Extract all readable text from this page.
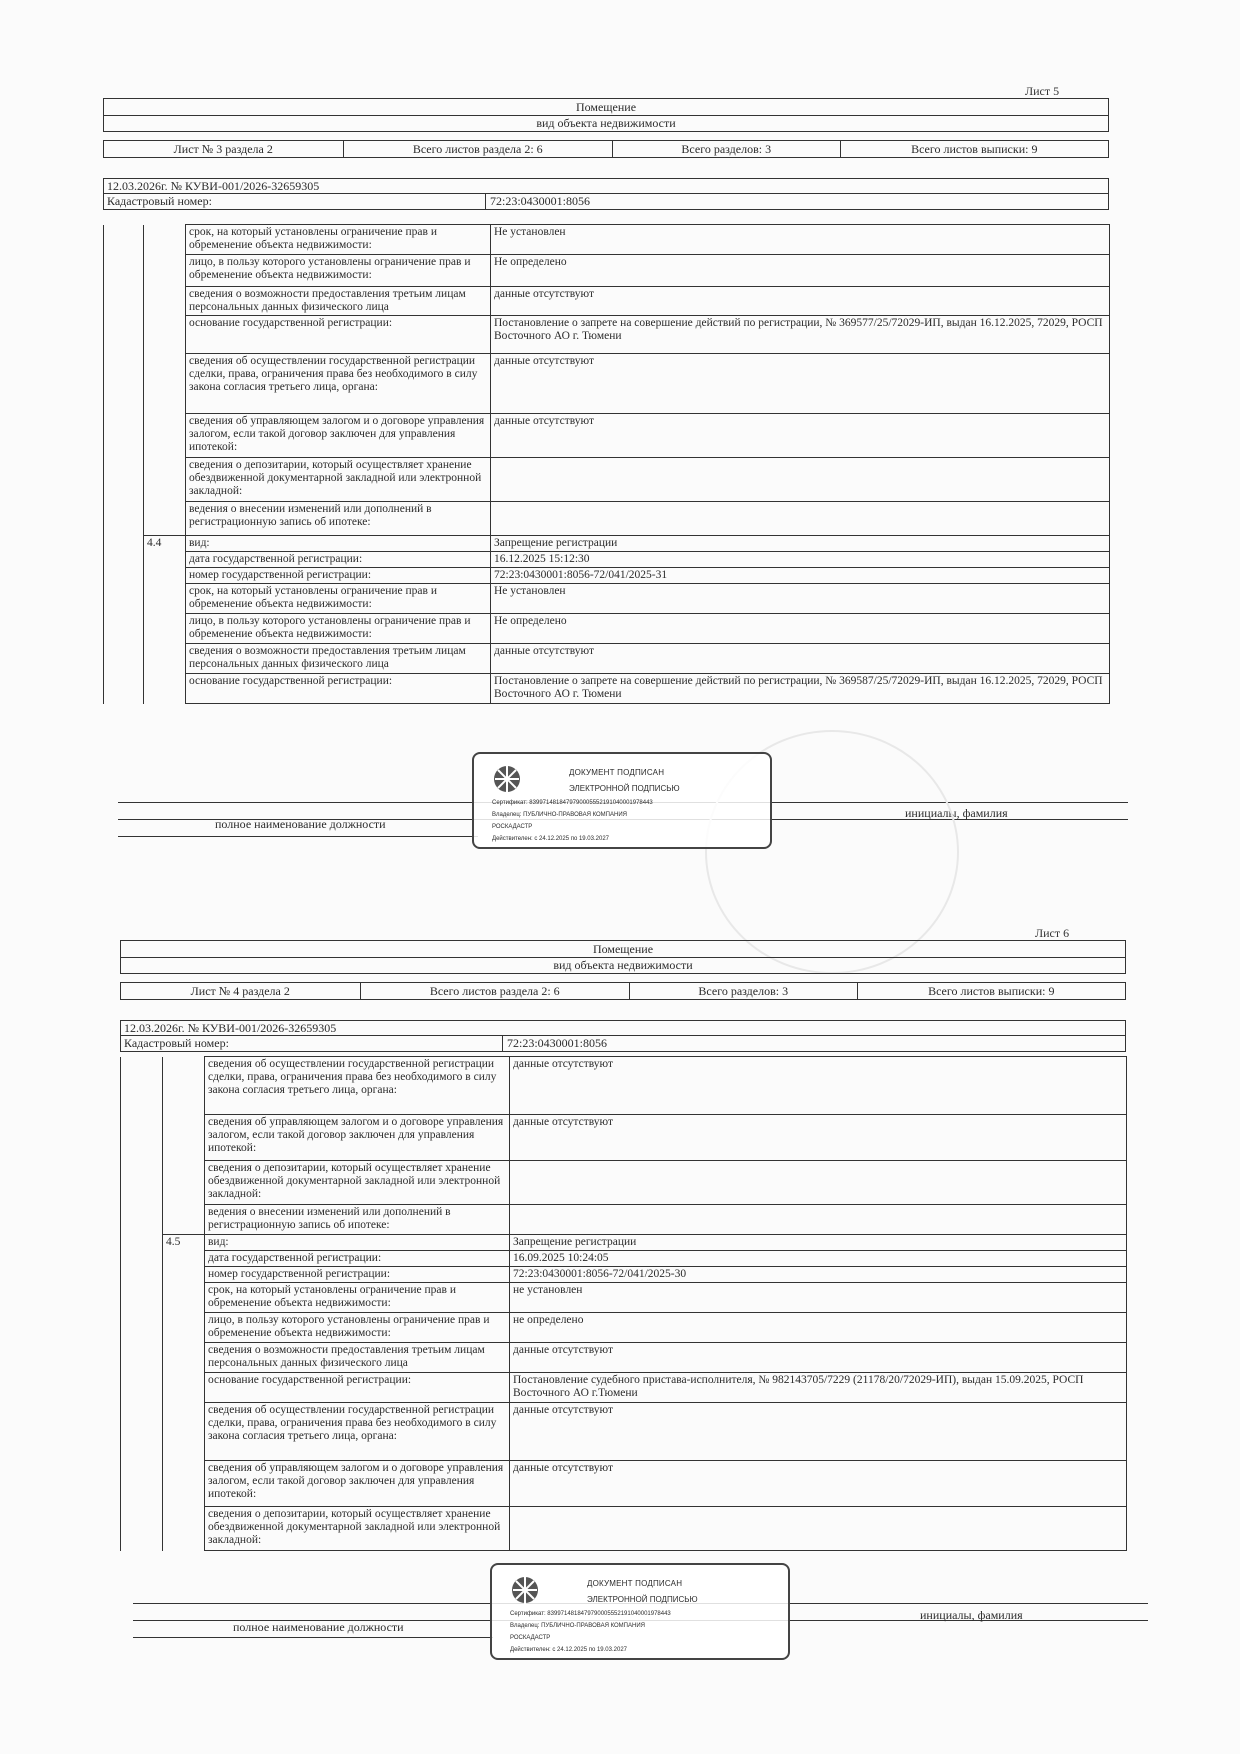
Лист 5
Помещение
вид объекта недвижимости
Лист № 3 раздела 2	Всего листов раздела 2: 6	Всего разделов: 3	Всего листов выписки: 9
12.03.2026г. № КУВИ-001/2026-32659305
Кадастровый номер:	72:23:0430001:8056
		срок, на который установлены ограничение прав и обременение объекта недвижимости:	Не установлен
		лицо, в пользу которого установлены ограничение прав и обременение объекта недвижимости:	Не определено
		сведения о возможности предоставления третьим лицам персональных данных физического лица	данные отсутствуют
		основание государственной регистрации:	Постановление о запрете на совершение действий по регистрации, № 369577/25/72029-ИП, выдан 16.12.2025, 72029, РОСП Восточного АО г. Тюмени
		сведения об осуществлении государственной регистрации сделки, права, ограничения права без необходимого в силу закона согласия третьего лица, органа:	данные отсутствуют
		сведения об управляющем залогом и о договоре управления залогом, если такой договор заключен для управления ипотекой:	данные отсутствуют
		сведения о депозитарии, который осуществляет хранение обездвиженной документарной закладной или электронной закладной:	
		ведения о внесении изменений или дополнений в регистрационную запись об ипотеке:	
	4.4	вид:	Запрещение регистрации
		дата государственной регистрации:	16.12.2025 15:12:30
		номер государственной регистрации:	72:23:0430001:8056-72/041/2025-31
		срок, на который установлены ограничение прав и обременение объекта недвижимости:	Не установлен
		лицо, в пользу которого установлены ограничение прав и обременение объекта недвижимости:	Не определено
		сведения о возможности предоставления третьим лицам персональных данных физического лица	данные отсутствуют
		основание государственной регистрации:	Постановление о запрете на совершение действий по регистрации, № 369587/25/72029-ИП, выдан 16.12.2025, 72029, РОСП Восточного АО г. Тюмени
полное наименование должности
инициалы, фамилия
ДОКУМЕНТ ПОДПИСАН
ЭЛЕКТРОННОЙ ПОДПИСЬЮ
Сертификат: 8399714818479790005552191040001978443
Владелец: ПУБЛИЧНО-ПРАВОВАЯ КОМПАНИЯ
РОСКАДАСТР
Действителен: с 24.12.2025 по 19.03.2027
Лист 6
Помещение
вид объекта недвижимости
Лист № 4 раздела 2	Всего листов раздела 2: 6	Всего разделов: 3	Всего листов выписки: 9
12.03.2026г. № КУВИ-001/2026-32659305
Кадастровый номер:	72:23:0430001:8056
		сведения об осуществлении государственной регистрации сделки, права, ограничения права без необходимого в силу закона согласия третьего лица, органа:	данные отсутствуют
		сведения об управляющем залогом и о договоре управления залогом, если такой договор заключен для управления ипотекой:	данные отсутствуют
		сведения о депозитарии, который осуществляет хранение обездвиженной документарной закладной или электронной закладной:	
		ведения о внесении изменений или дополнений в регистрационную запись об ипотеке:	
	4.5	вид:	Запрещение регистрации
		дата государственной регистрации:	16.09.2025 10:24:05
		номер государственной регистрации:	72:23:0430001:8056-72/041/2025-30
		срок, на который установлены ограничение прав и обременение объекта недвижимости:	не установлен
		лицо, в пользу которого установлены ограничение прав и обременение объекта недвижимости:	не определено
		сведения о возможности предоставления третьим лицам персональных данных физического лица	данные отсутствуют
		основание государственной регистрации:	Постановление судебного пристава-исполнителя, № 982143705/7229 (21178/20/72029-ИП), выдан 15.09.2025, РОСП Восточного АО г.Тюмени
		сведения об осуществлении государственной регистрации сделки, права, ограничения права без необходимого в силу закона согласия третьего лица, органа:	данные отсутствуют
		сведения об управляющем залогом и о договоре управления залогом, если такой договор заключен для управления ипотекой:	данные отсутствуют
		сведения о депозитарии, который осуществляет хранение обездвиженной документарной закладной или электронной закладной:	
полное наименование должности
инициалы, фамилия
ДОКУМЕНТ ПОДПИСАН
ЭЛЕКТРОННОЙ ПОДПИСЬЮ
Сертификат: 8399714818479790005552191040001978443
Владелец: ПУБЛИЧНО-ПРАВОВАЯ КОМПАНИЯ
РОСКАДАСТР
Действителен: с 24.12.2025 по 19.03.2027
